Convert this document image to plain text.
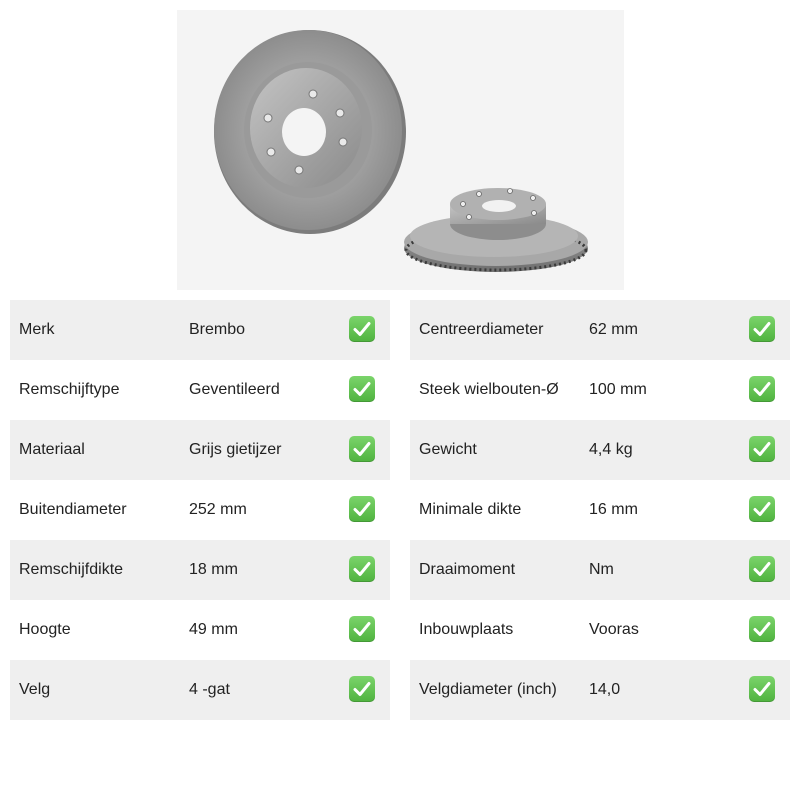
Merk	Brembo
Remschijftype	Geventileerd
Materiaal	Grijs gietijzer
Buitendiameter	252 mm
Remschijfdikte	18 mm
Hoogte	49 mm
Velg	4 -gat
Centreerdiameter	62 mm
Steek wielbouten-Ø 100 mm
Gewicht	4,4 kg
Minimale dikte	16 mm
Draaimoment	Nm
Inbouwplaats	Vooras
Velgdiameter (inch) 14,0
